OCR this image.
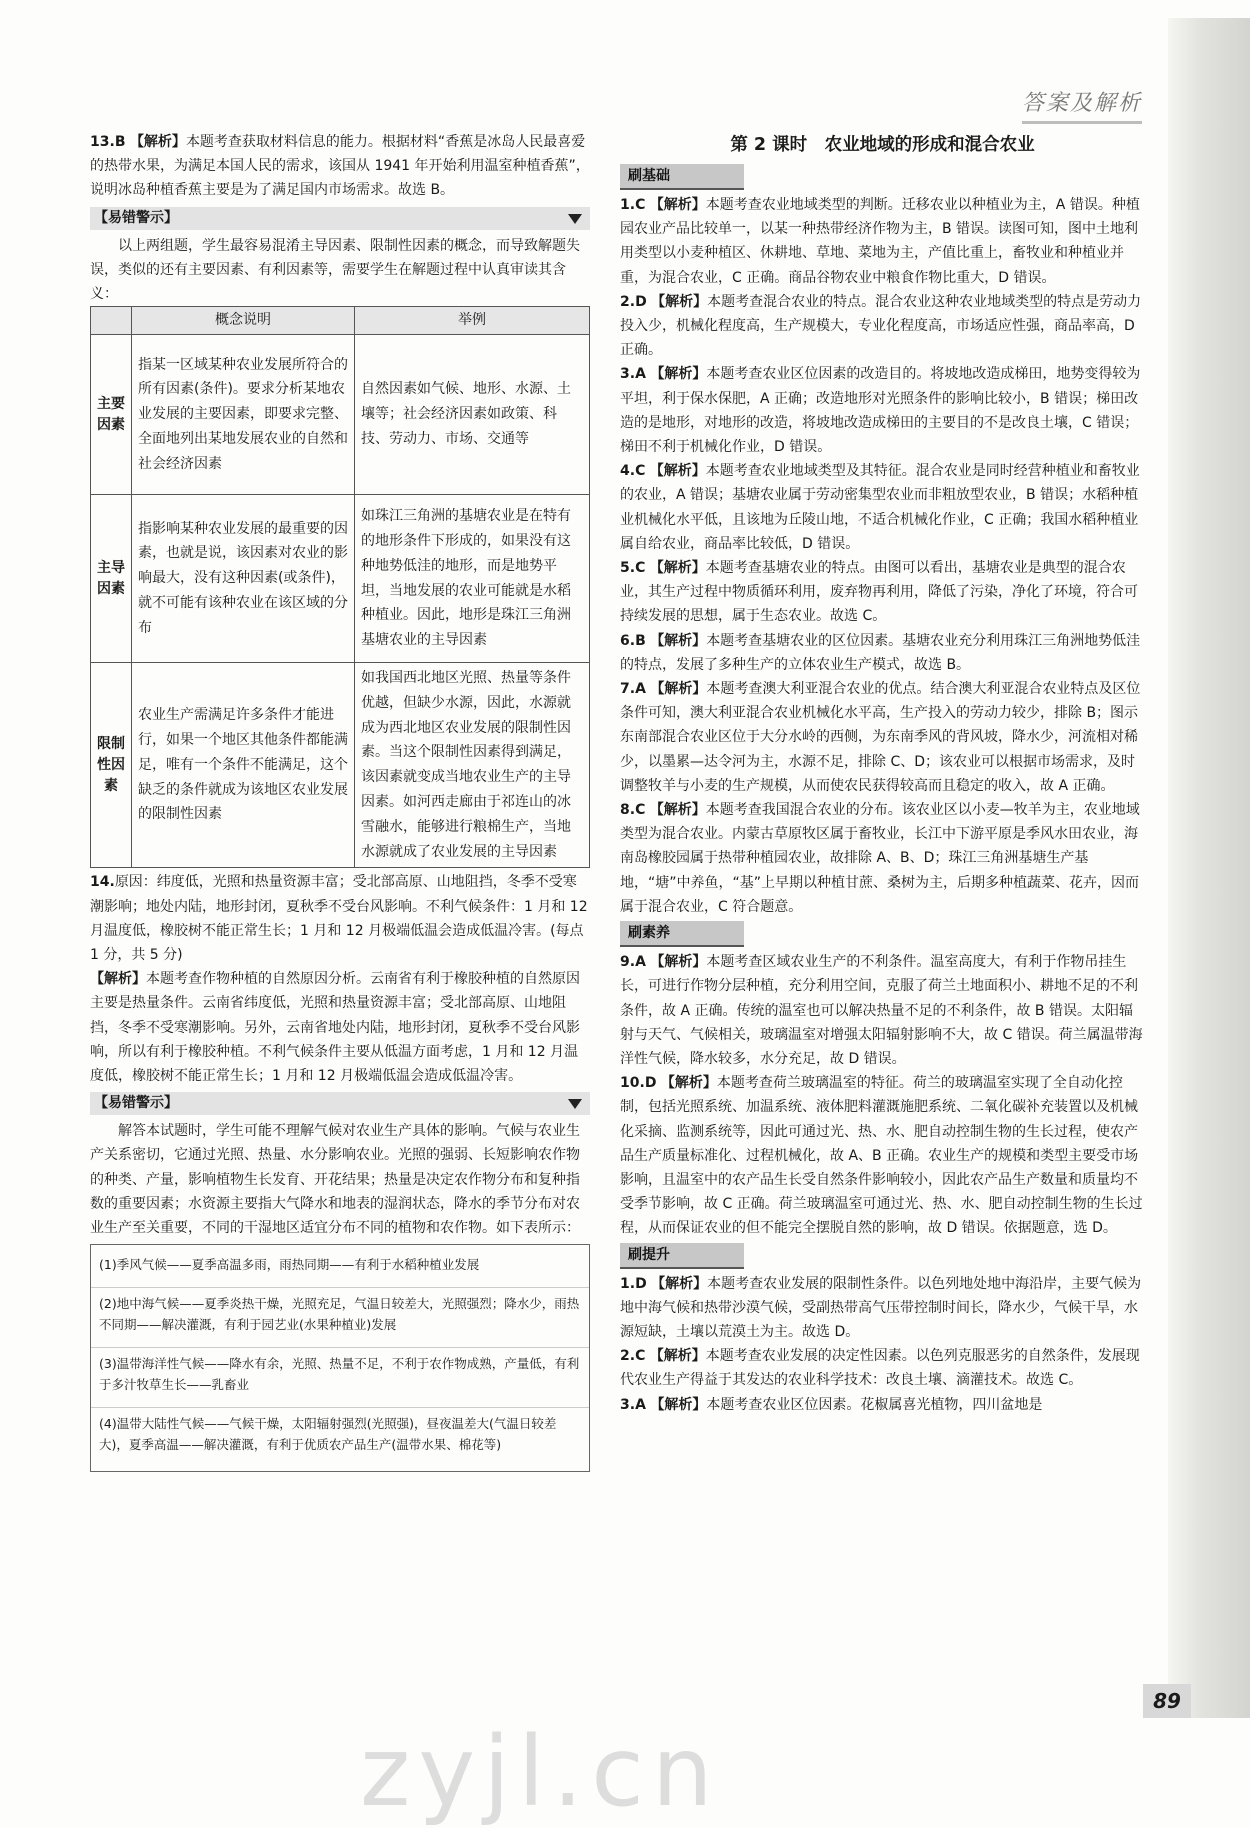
答案及解析

13.B 【解析】本题考查获取材料信息的能力。根据材料“香蕉是冰岛人民最喜爱的热带水果，为满足本国人民的需求，该国从 1941 年开始利用温室种植香蕉”，说明冰岛种植香蕉主要是为了满足国内市场需求。故选 B。

【易错警示】

以上两组题，学生最容易混淆主导因素、限制性因素的概念，而导致解题失误，类似的还有主要因素、有利因素等，需要学生在解题过程中认真审读其含义：

	概念说明	举例
主要因素	指某一区域某种农业发展所符合的所有因素(条件)。要求分析某地农业发展的主要因素，即要求完整、全面地列出某地发展农业的自然和社会经济因素	自然因素如气候、地形、水源、土壤等；社会经济因素如政策、科技、劳动力、市场、交通等
主导因素	指影响某种农业发展的最重要的因素，也就是说，该因素对农业的影响最大，没有这种因素(或条件)，就不可能有该种农业在该区域的分布	如珠江三角洲的基塘农业是在特有的地形条件下形成的，如果没有这种地势低洼的地形，而是地势平坦，当地发展的农业可能就是水稻种植业。因此，地形是珠江三角洲基塘农业的主导因素
限制性因素	农业生产需满足许多条件才能进行，如果一个地区其他条件都能满足，唯有一个条件不能满足，这个缺乏的条件就成为该地区农业发展的限制性因素	如我国西北地区光照、热量等条件优越，但缺少水源，因此，水源就成为西北地区农业发展的限制性因素。当这个限制性因素得到满足，该因素就变成当地农业生产的主导因素。如河西走廊由于祁连山的冰雪融水，能够进行粮棉生产，当地水源就成了农业发展的主导因素

14.原因：纬度低，光照和热量资源丰富；受北部高原、山地阻挡，冬季不受寒潮影响；地处内陆，地形封闭，夏秋季不受台风影响。不利气候条件：1 月和 12 月温度低，橡胶树不能正常生长；1 月和 12 月极端低温会造成低温冷害。(每点 1 分，共 5 分)

【解析】本题考查作物种植的自然原因分析。云南省有利于橡胶种植的自然原因主要是热量条件。云南省纬度低，光照和热量资源丰富；受北部高原、山地阻挡，冬季不受寒潮影响。另外，云南省地处内陆，地形封闭，夏秋季不受台风影响，所以有利于橡胶种植。不利气候条件主要从低温方面考虑，1 月和 12 月温度低，橡胶树不能正常生长；1 月和 12 月极端低温会造成低温冷害。

【易错警示】

解答本试题时，学生可能不理解气候对农业生产具体的影响。气候与农业生产关系密切，它通过光照、热量、水分影响农业。光照的强弱、长短影响农作物的种类、产量，影响植物生长发育、开花结果；热量是决定农作物分布和复种指数的重要因素；水资源主要指大气降水和地表的湿润状态，降水的季节分布对农业生产至关重要，不同的干湿地区适宜分布不同的植物和农作物。如下表所示：

(1)季风气候——夏季高温多雨，雨热同期——有利于水稻种植业发展

(2)地中海气候——夏季炎热干燥，光照充足，气温日较差大，光照强烈；降水少，雨热不同期——解决灌溉，有利于园艺业(水果种植业)发展

(3)温带海洋性气候——降水有余，光照、热量不足，不利于农作物成熟，产量低，有利于多汁牧草生长——乳畜业

(4)温带大陆性气候——气候干燥，太阳辐射强烈(光照强)，昼夜温差大(气温日较差大)，夏季高温——解决灌溉，有利于优质农产品生产(温带水果、棉花等)

第 2 课时　农业地域的形成和混合农业
刷基础

1.C 【解析】本题考查农业地域类型的判断。迁移农业以种植业为主，A 错误。种植园农业产品比较单一，以某一种热带经济作物为主，B 错误。读图可知，图中土地利用类型以小麦种植区、休耕地、草地、菜地为主，产值比重上，畜牧业和种植业并重，为混合农业，C 正确。商品谷物农业中粮食作物比重大，D 错误。

2.D 【解析】本题考查混合农业的特点。混合农业这种农业地域类型的特点是劳动力投入少，机械化程度高，生产规模大，专业化程度高，市场适应性强，商品率高，D 正确。

3.A 【解析】本题考查农业区位因素的改造目的。将坡地改造成梯田，地势变得较为平坦，利于保水保肥，A 正确；改造地形对光照条件的影响比较小，B 错误；梯田改造的是地形，对地形的改造，将坡地改造成梯田的主要目的不是改良土壤，C 错误；梯田不利于机械化作业，D 错误。

4.C 【解析】本题考查农业地域类型及其特征。混合农业是同时经营种植业和畜牧业的农业，A 错误；基塘农业属于劳动密集型农业而非粗放型农业，B 错误；水稻种植业机械化水平低，且该地为丘陵山地，不适合机械化作业，C 正确；我国水稻种植业属自给农业，商品率比较低，D 错误。

5.C 【解析】本题考查基塘农业的特点。由图可以看出，基塘农业是典型的混合农业，其生产过程中物质循环利用，废弃物再利用，降低了污染，净化了环境，符合可持续发展的思想，属于生态农业。故选 C。

6.B 【解析】本题考查基塘农业的区位因素。基塘农业充分利用珠江三角洲地势低洼的特点，发展了多种生产的立体农业生产模式，故选 B。

7.A 【解析】本题考查澳大利亚混合农业的优点。结合澳大利亚混合农业特点及区位条件可知，澳大利亚混合农业机械化水平高，生产投入的劳动力较少，排除 B；图示东南部混合农业区位于大分水岭的西侧，为东南季风的背风坡，降水少，河流相对稀少，以墨累—达令河为主，水源不足，排除 C、D；该农业可以根据市场需求，及时调整牧羊与小麦的生产规模，从而使农民获得较高而且稳定的收入，故 A 正确。

8.C 【解析】本题考查我国混合农业的分布。该农业区以小麦—牧羊为主，农业地域类型为混合农业。内蒙古草原牧区属于畜牧业，长江中下游平原是季风水田农业，海南岛橡胶园属于热带种植园农业，故排除 A、B、D；珠江三角洲基塘生产基地，“塘”中养鱼，“基”上早期以种植甘蔗、桑树为主，后期多种植蔬菜、花卉，因而属于混合农业，C 符合题意。

刷素养

9.A 【解析】本题考查区域农业生产的不利条件。温室高度大，有利于作物吊挂生长，可进行作物分层种植，充分利用空间，克服了荷兰土地面积小、耕地不足的不利条件，故 A 正确。传统的温室也可以解决热量不足的不利条件，故 B 错误。太阳辐射与天气、气候相关，玻璃温室对增强太阳辐射影响不大，故 C 错误。荷兰属温带海洋性气候，降水较多，水分充足，故 D 错误。

10.D 【解析】本题考查荷兰玻璃温室的特征。荷兰的玻璃温室实现了全自动化控制，包括光照系统、加温系统、液体肥料灌溉施肥系统、二氧化碳补充装置以及机械化采摘、监测系统等，因此可通过光、热、水、肥自动控制生物的生长过程，使农产品生产质量标准化、过程机械化，故 A、B 正确。农业生产的规模和类型主要受市场影响，且温室中的农产品生长受自然条件影响较小，因此农产品生产数量和质量均不受季节影响，故 C 正确。荷兰玻璃温室可通过光、热、水、肥自动控制生物的生长过程，从而保证农业的但不能完全摆脱自然的影响，故 D 错误。依据题意，选 D。

刷提升

1.D 【解析】本题考查农业发展的限制性条件。以色列地处地中海沿岸，主要气候为地中海气候和热带沙漠气候，受副热带高气压带控制时间长，降水少，气候干旱，水源短缺，土壤以荒漠土为主。故选 D。

2.C 【解析】本题考查农业发展的决定性因素。以色列克服恶劣的自然条件，发展现代农业生产得益于其发达的农业科学技术：改良土壤、滴灌技术。故选 C。

3.A 【解析】本题考查农业区位因素。花椒属喜光植物，四川盆地是

89
zyjl.cn
